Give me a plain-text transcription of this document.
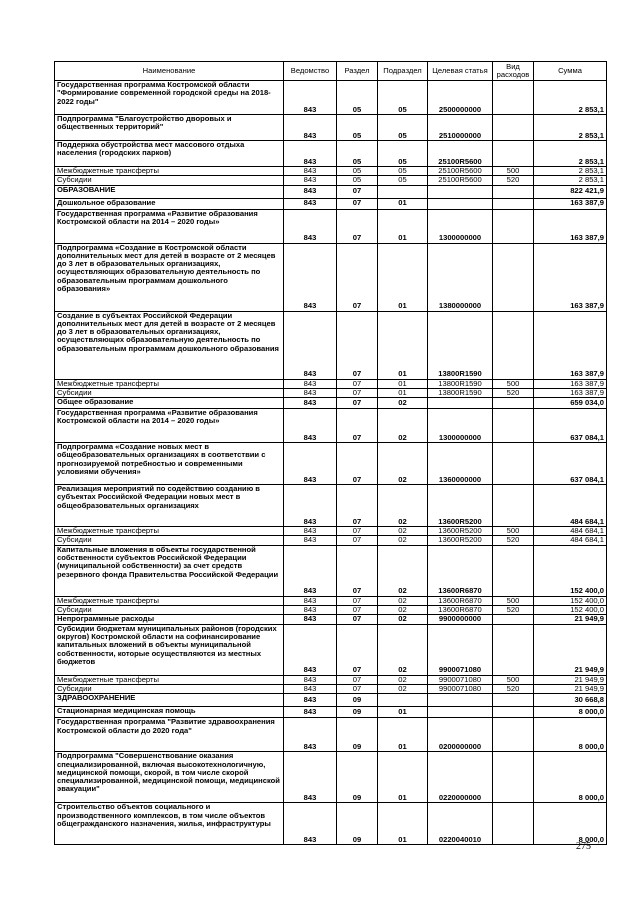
Наименование	Ведомство	Раздел	Подраздел	Целевая статья	Вид расходов	Сумма
Государственная программа Костромской области "Формирование современной городской среды на 2018-2022 годы"	843	05	05	2500000000		2 853,1
Подпрограмма "Благоустройство дворовых и общественных территорий"	843	05	05	2510000000		2 853,1
Поддержка обустройства мест массового отдыха населения (городских парков)	843	05	05	25100R5600		2 853,1
Межбюджетные трансферты	843	05	05	25100R5600	500	2 853,1
Субсидии	843	05	05	25100R5600	520	2 853,1
ОБРАЗОВАНИЕ	843	07				822 421,9
Дошкольное образование	843	07	01			163 387,9
Государственная программа «Развитие образования Костромской области на 2014 – 2020 годы»	843	07	01	1300000000		163 387,9
Подпрограмма «Создание в Костромской области дополнительных мест для детей в возрасте от 2 месяцев до 3 лет в образовательных организациях, осуществляющих образовательную деятельность по образовательным программам дошкольного образования»	843	07	01	1380000000		163 387,9
Создание в субъектах Российской Федерации дополнительных мест для детей в возрасте от 2 месяцев до 3 лет в образовательных организациях, осуществляющих образовательную деятельность по образовательным программам дошкольного образования	843	07	01	13800R1590		163 387,9
Межбюджетные трансферты	843	07	01	13800R1590	500	163 387,9
Субсидии	843	07	01	13800R1590	520	163 387,9
Общее образование	843	07	02			659 034,0
Государственная программа «Развитие образования Костромской области на 2014 – 2020 годы»	843	07	02	1300000000		637 084,1
Подпрограмма «Создание новых мест в общеобразовательных организациях в соответствии с прогнозируемой потребностью и современными условиями обучения»	843	07	02	1360000000		637 084,1
Реализация мероприятий по содействию созданию в субъектах Российской Федерации новых мест в общеобразовательных организациях	843	07	02	13600R5200		484 684,1
Межбюджетные трансферты	843	07	02	13600R5200	500	484 684,1
Субсидии	843	07	02	13600R5200	520	484 684,1
Капитальные вложения в объекты государственной собственности субъектов Российской Федерации (муниципальной собственности) за счет средств резервного фонда Правительства Российской Федерации	843	07	02	13600R6870		152 400,0
Межбюджетные трансферты	843	07	02	13600R6870	500	152 400,0
Субсидии	843	07	02	13600R6870	520	152 400,0
Непрограммные расходы	843	07	02	9900000000		21 949,9
Субсидии бюджетам муниципальных районов (городских округов) Костромской области на софинансирование капитальных вложений в объекты муниципальной собственности, которые осуществляются из местных бюджетов	843	07	02	9900071080		21 949,9
Межбюджетные трансферты	843	07	02	9900071080	500	21 949,9
Субсидии	843	07	02	9900071080	520	21 949,9
ЗДРАВООХРАНЕНИЕ	843	09				30 668,8
Стационарная медицинская помощь	843	09	01			8 000,0
Государственная программа "Развитие здравоохранения Костромской области до 2020 года"	843	09	01	0200000000		8 000,0
Подпрограмма "Совершенствование оказания специализированной, включая высокотехнологичную, медицинской помощи, скорой, в том числе скорой специализированной, медицинской помощи, медицинской эвакуации"	843	09	01	0220000000		8 000,0
Строительство объектов социального и производственного комплексов, в том числе объектов общегражданского назначения, жилья, инфраструктуры	843	09	01	0220040010		8 000,0
275
